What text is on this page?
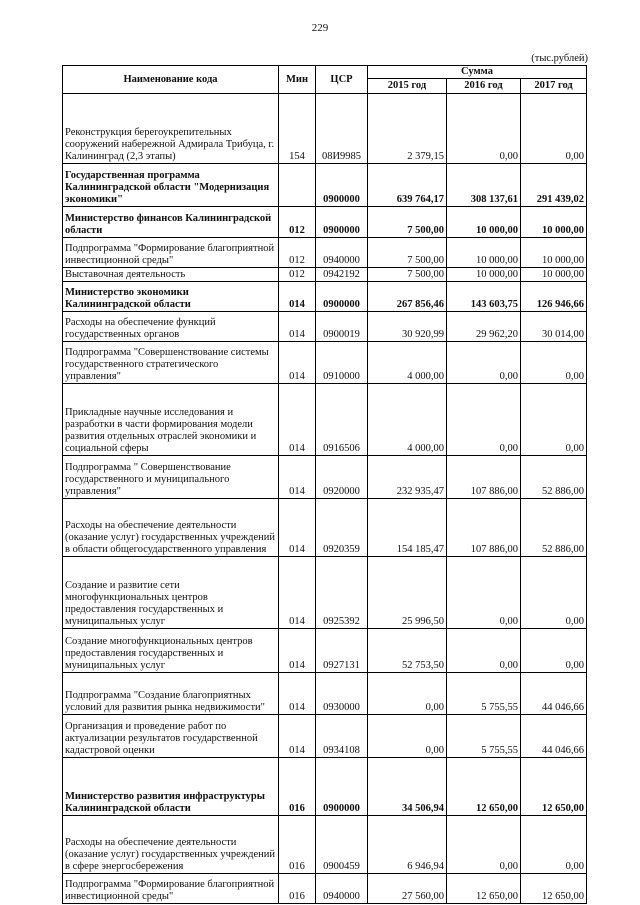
229
(тыс.рублей)
Наименование кода	Мин	ЦСР	Сумма		
			2015 год	2016 год	2017 год
Реконструкция берегоукрепительных сооружений набережной Адмирала Трибуца, г. Калининград (2,3 этапы)	154	08И9985	2 379,15	0,00	0,00
Государственная программа Калининградской области "Модернизация экономики"		0900000	639 764,17	308 137,61	291 439,02
Министерство финансов Калининградской области	012	0900000	7 500,00	10 000,00	10 000,00
Подпрограмма "Формирование благоприятной инвестиционной среды"	012	0940000	7 500,00	10 000,00	10 000,00
Выставочная деятельность	012	0942192	7 500,00	10 000,00	10 000,00
Министерство экономики Калининградской области	014	0900000	267 856,46	143 603,75	126 946,66
Расходы на обеспечение функций государственных органов	014	0900019	30 920,99	29 962,20	30 014,00
Подпрограмма "Совершенствование системы государственного стратегического управления"	014	0910000	4 000,00	0,00	0,00
Прикладные научные исследования и разработки в части формирования модели развития отдельных отраслей экономики и социальной сферы	014	0916506	4 000,00	0,00	0,00
Подпрограмма " Совершенствование государственного и муниципального управления"	014	0920000	232 935,47	107 886,00	52 886,00
Расходы на обеспечение деятельности (оказание услуг) государственных учреждений в области общегосударственного управления	014	0920359	154 185,47	107 886,00	52 886,00
Создание и развитие сети многофункциональных центров предоставления государственных и муниципальных услуг	014	0925392	25 996,50	0,00	0,00
Создание многофункциональных центров предоставления государственных и муниципальных услуг	014	0927131	52 753,50	0,00	0,00
Подпрограмма "Создание благоприятных условий для развития рынка недвижимости"	014	0930000	0,00	5 755,55	44 046,66
Организация и проведение работ по актуализации результатов государственной кадастровой оценки	014	0934108	0,00	5 755,55	44 046,66
Министерство развития инфраструктуры Калининградской области	016	0900000	34 506,94	12 650,00	12 650,00
Расходы на обеспечение деятельности (оказание услуг) государственных учреждений в сфере энергосбережения	016	0900459	6 946,94	0,00	0,00
Подпрограмма "Формирование благоприятной инвестиционной среды"	016	0940000	27 560,00	12 650,00	12 650,00
